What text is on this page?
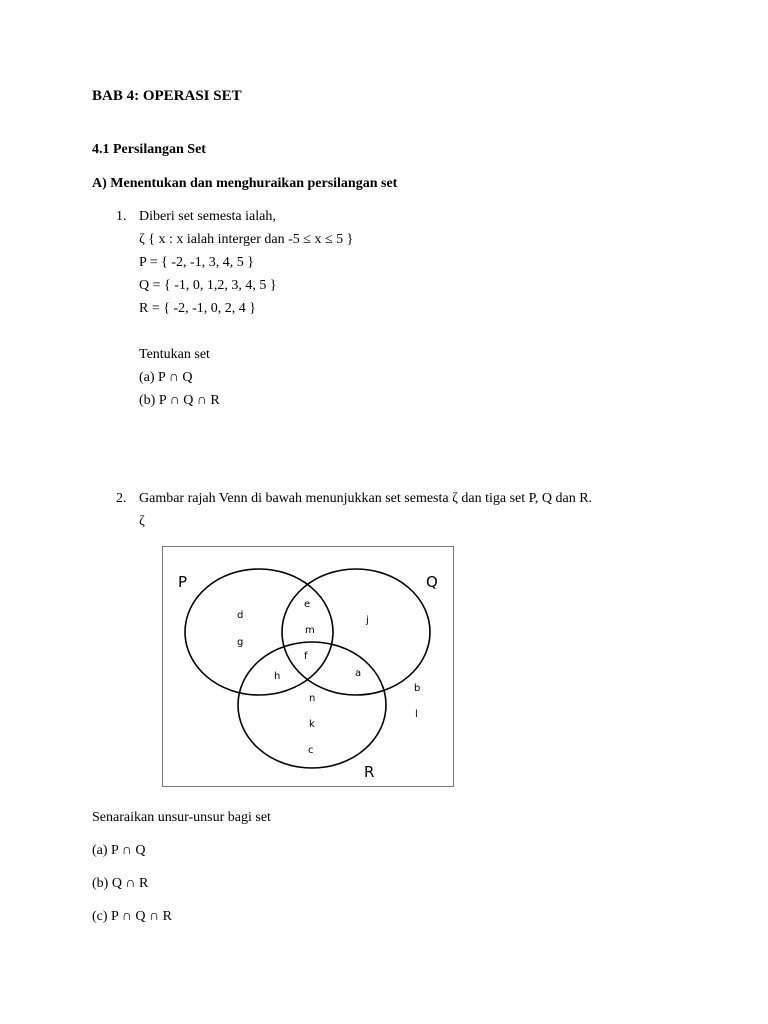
BAB 4: OPERASI SET
4.1 Persilangan Set
A) Menentukan dan menghuraikan persilangan set
1. Diberi set semesta ialah,
ζ { x : x ialah interger dan -5 ≤ x ≤ 5 }
P = { -2, -1, 3, 4, 5 }
Q = { -1, 0, 1,2, 3, 4, 5 }
R = { -2, -1, 0, 2, 4 }
Tentukan set
(a) P ∩ Q
(b) P ∩ Q ∩ R
2. Gambar rajah Venn di bawah menunjukkan set semesta ζ dan tiga set P, Q dan R.
ζ
P	Q
R
d
g
e
m
f
j
h	a
n
k
c
b
l
Senaraikan unsur-unsur bagi set
(a) P ∩ Q
(b) Q ∩ R
(c) P ∩ Q ∩ R
